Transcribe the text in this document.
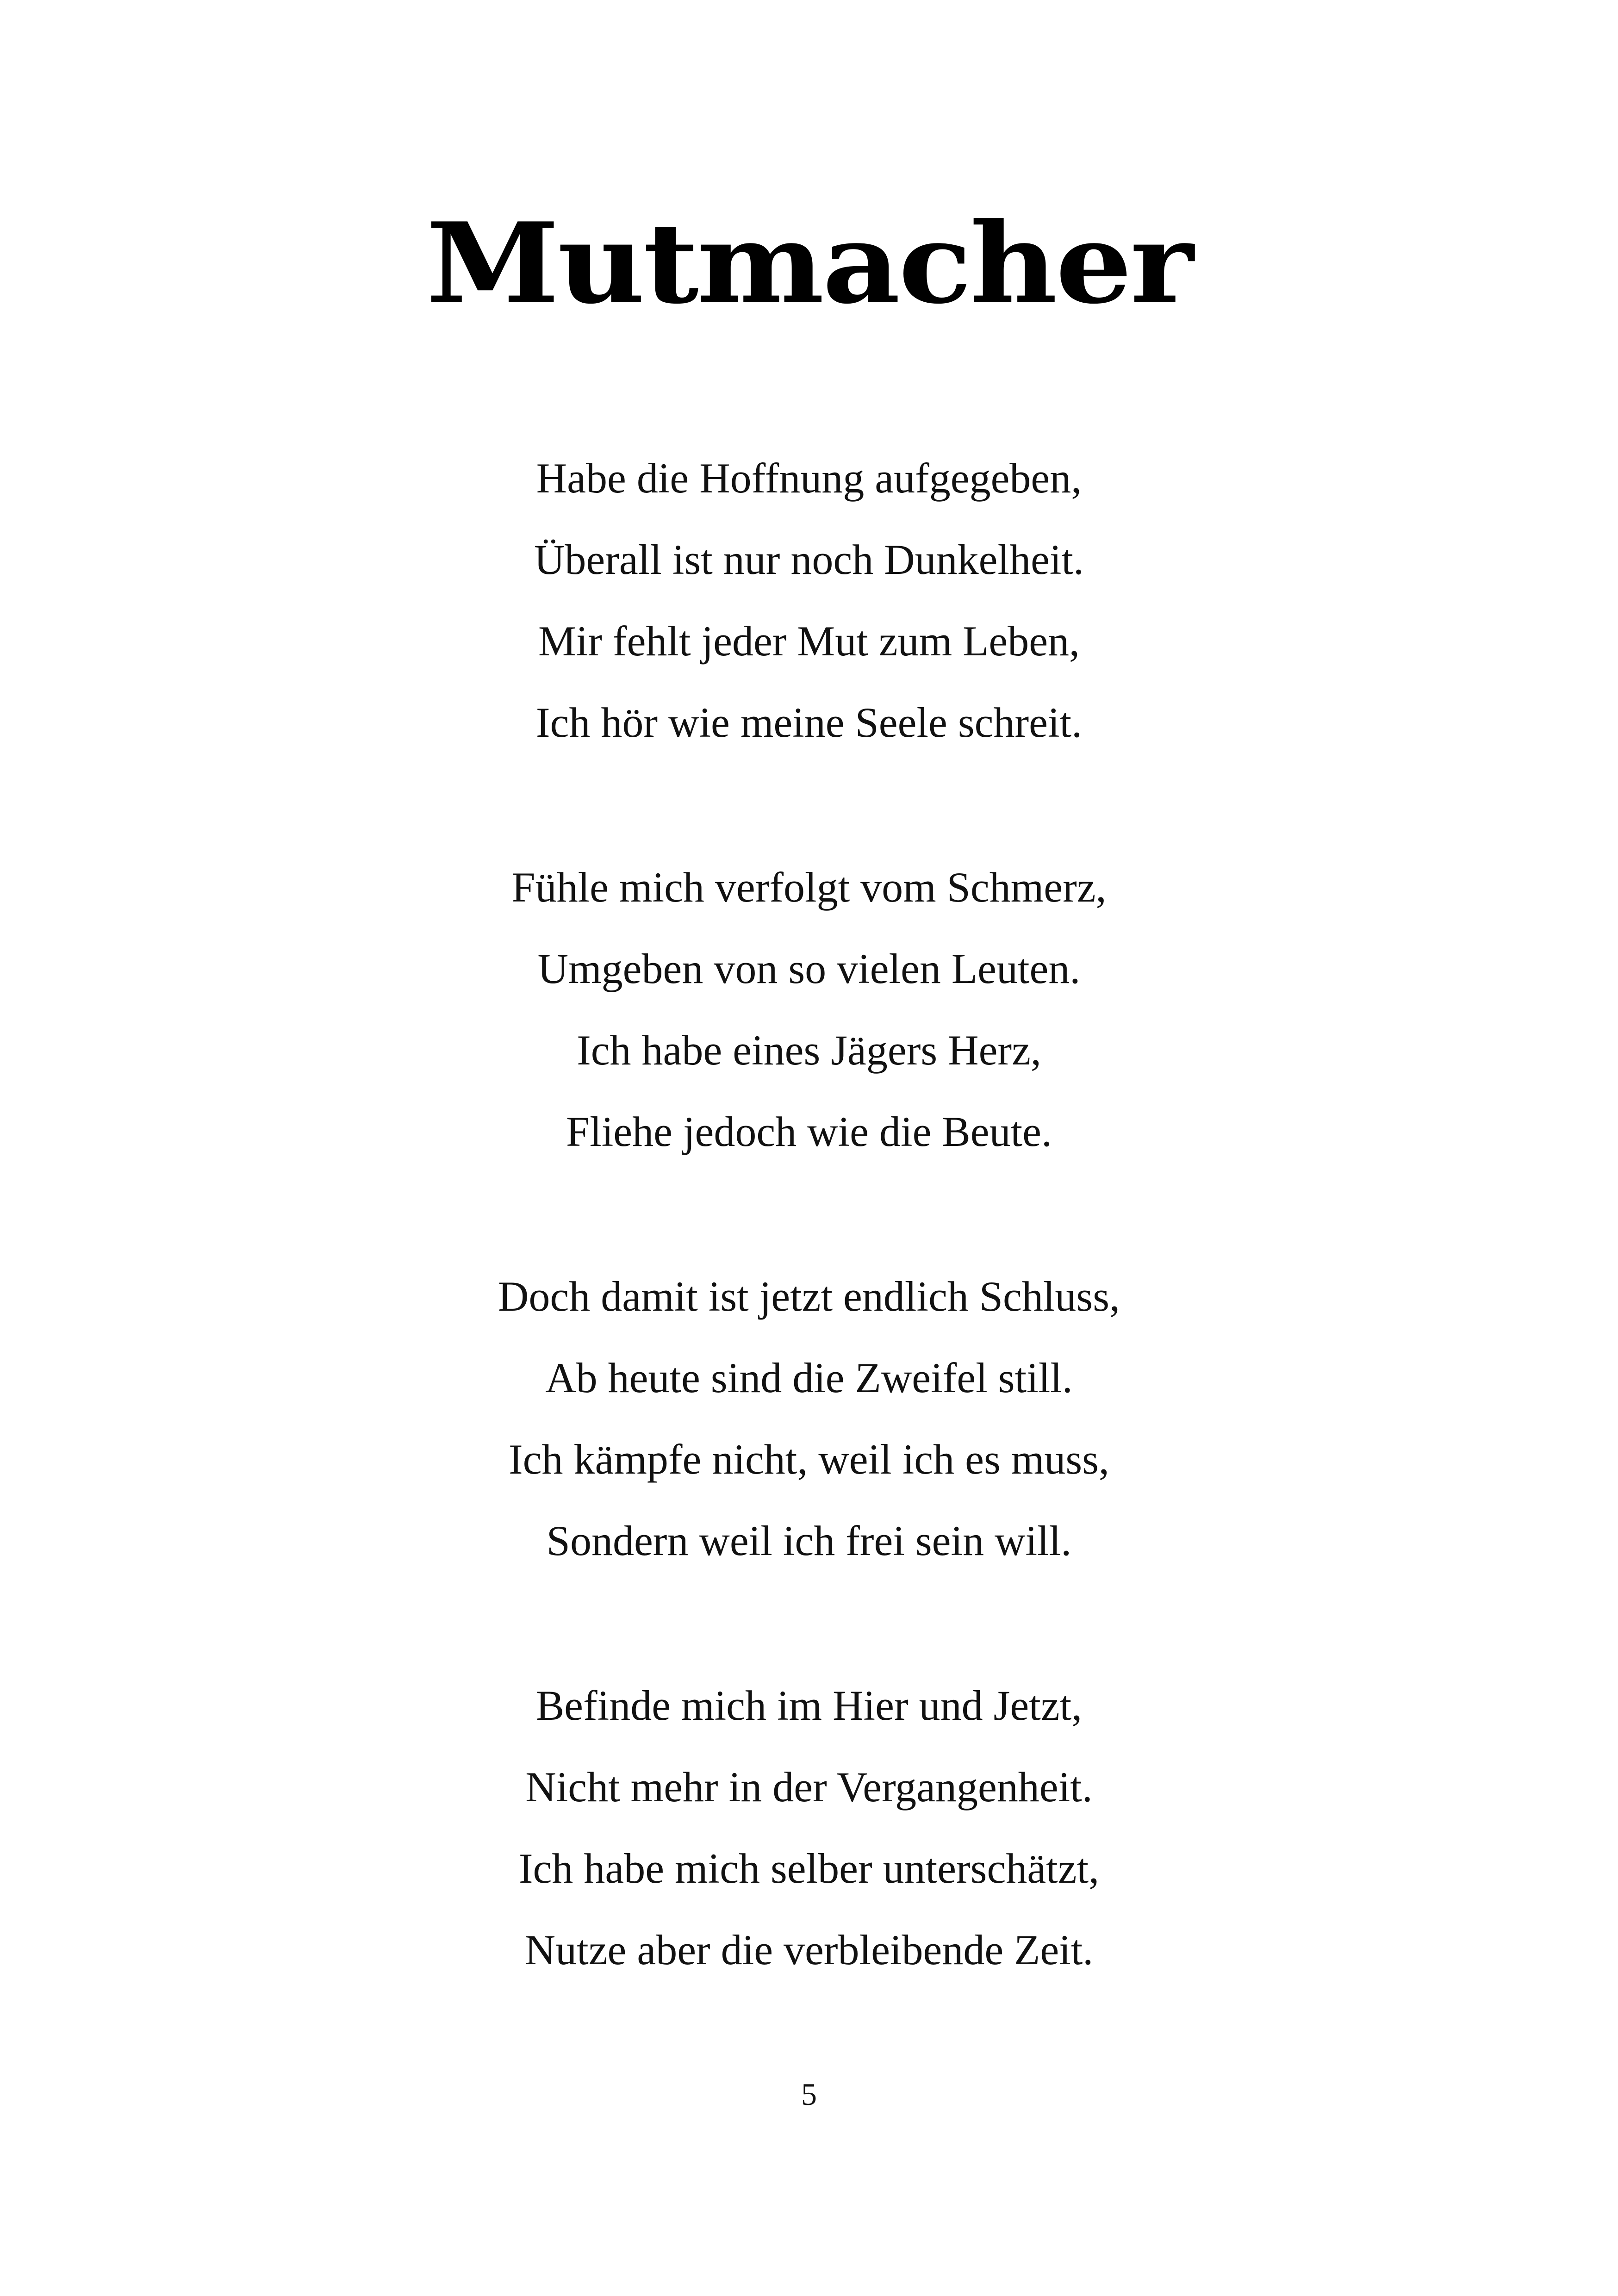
Mutmacher
Habe die Hoffnung aufgegeben,
Überall ist nur noch Dunkelheit.
Mir fehlt jeder Mut zum Leben,
Ich hör wie meine Seele schreit.
Fühle mich verfolgt vom Schmerz,
Umgeben von so vielen Leuten.
Ich habe eines Jägers Herz,
Fliehe jedoch wie die Beute.
Doch damit ist jetzt endlich Schluss,
Ab heute sind die Zweifel still.
Ich kämpfe nicht, weil ich es muss,
Sondern weil ich frei sein will.
Befinde mich im Hier und Jetzt,
Nicht mehr in der Vergangenheit.
Ich habe mich selber unterschätzt,
Nutze aber die verbleibende Zeit.
5
